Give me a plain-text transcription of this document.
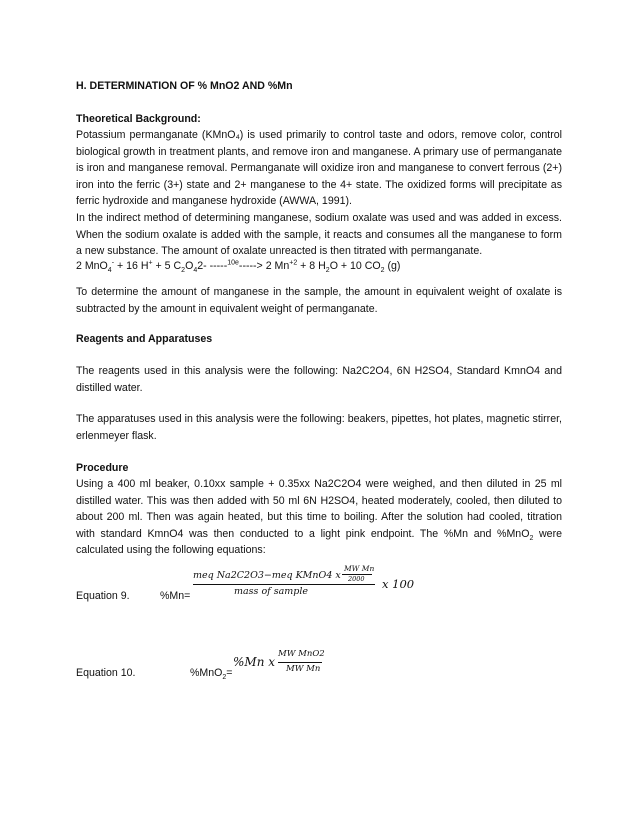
H. DETERMINATION OF % MnO2 AND %Mn
Theoretical Background:
Potassium permanganate (KMnO₄) is used primarily to control taste and odors, remove color, control biological growth in treatment plants, and remove iron and manganese. A primary use of permanganate is iron and manganese removal. Permanganate will oxidize iron and manganese to convert ferrous (2+) iron into the ferric (3+) state and 2+ manganese to the 4+ state. The oxidized forms will precipitate as ferric hydroxide and manganese hydroxide (AWWA, 1991).
In the indirect method of determining manganese, sodium oxalate was used and was added in excess. When the sodium oxalate is added with the sample, it reacts and consumes all the manganese to form a new substance. The amount of oxalate unreacted is then titrated with permanganate.
2 MnO$_4$- + 16 H+ + 5 $C_2O_42-$ -----$^{10e}$-----> 2 $Mn^{+2} + 8$ $H_2O + 10$ $CO_2$ (g)
To determine the amount of manganese in the sample, the amount in equivalent weight of oxalate is subtracted by the amount in equivalent weight of permanganate.
Reagents and Apparatuses
The reagents used in this analysis were the following: Na2C2O4, 6N H2SO4, Standard KmnO4 and distilled water.
The apparatuses used in this analysis were the following: beakers, pipettes, hot plates, magnetic stirrer, erlenmeyer flask.
Procedure
Using a 400 ml beaker, 0.10xx sample + 0.35xx Na2C2O4 were weighed, and then diluted in 25 ml distilled water. This was then added with 50 ml 6N H2SO4, heated moderately, cooled, then diluted to about 200 ml. Then was again heated, but this time to boiling. After the solution had cooled, titration with standard KmnO4 was then conducted to a light pink endpoint. The %Mn and %MnO$_2$ were calculated using the following equations:
Equation 9.	%Mn=
meq Na2C2O3−meq KMnO4 x
MW Mn
2000
mass of sample
x 100
Equation 10.	%MnO$_2$=
%Mn x
MW MnO2
MW Mn
